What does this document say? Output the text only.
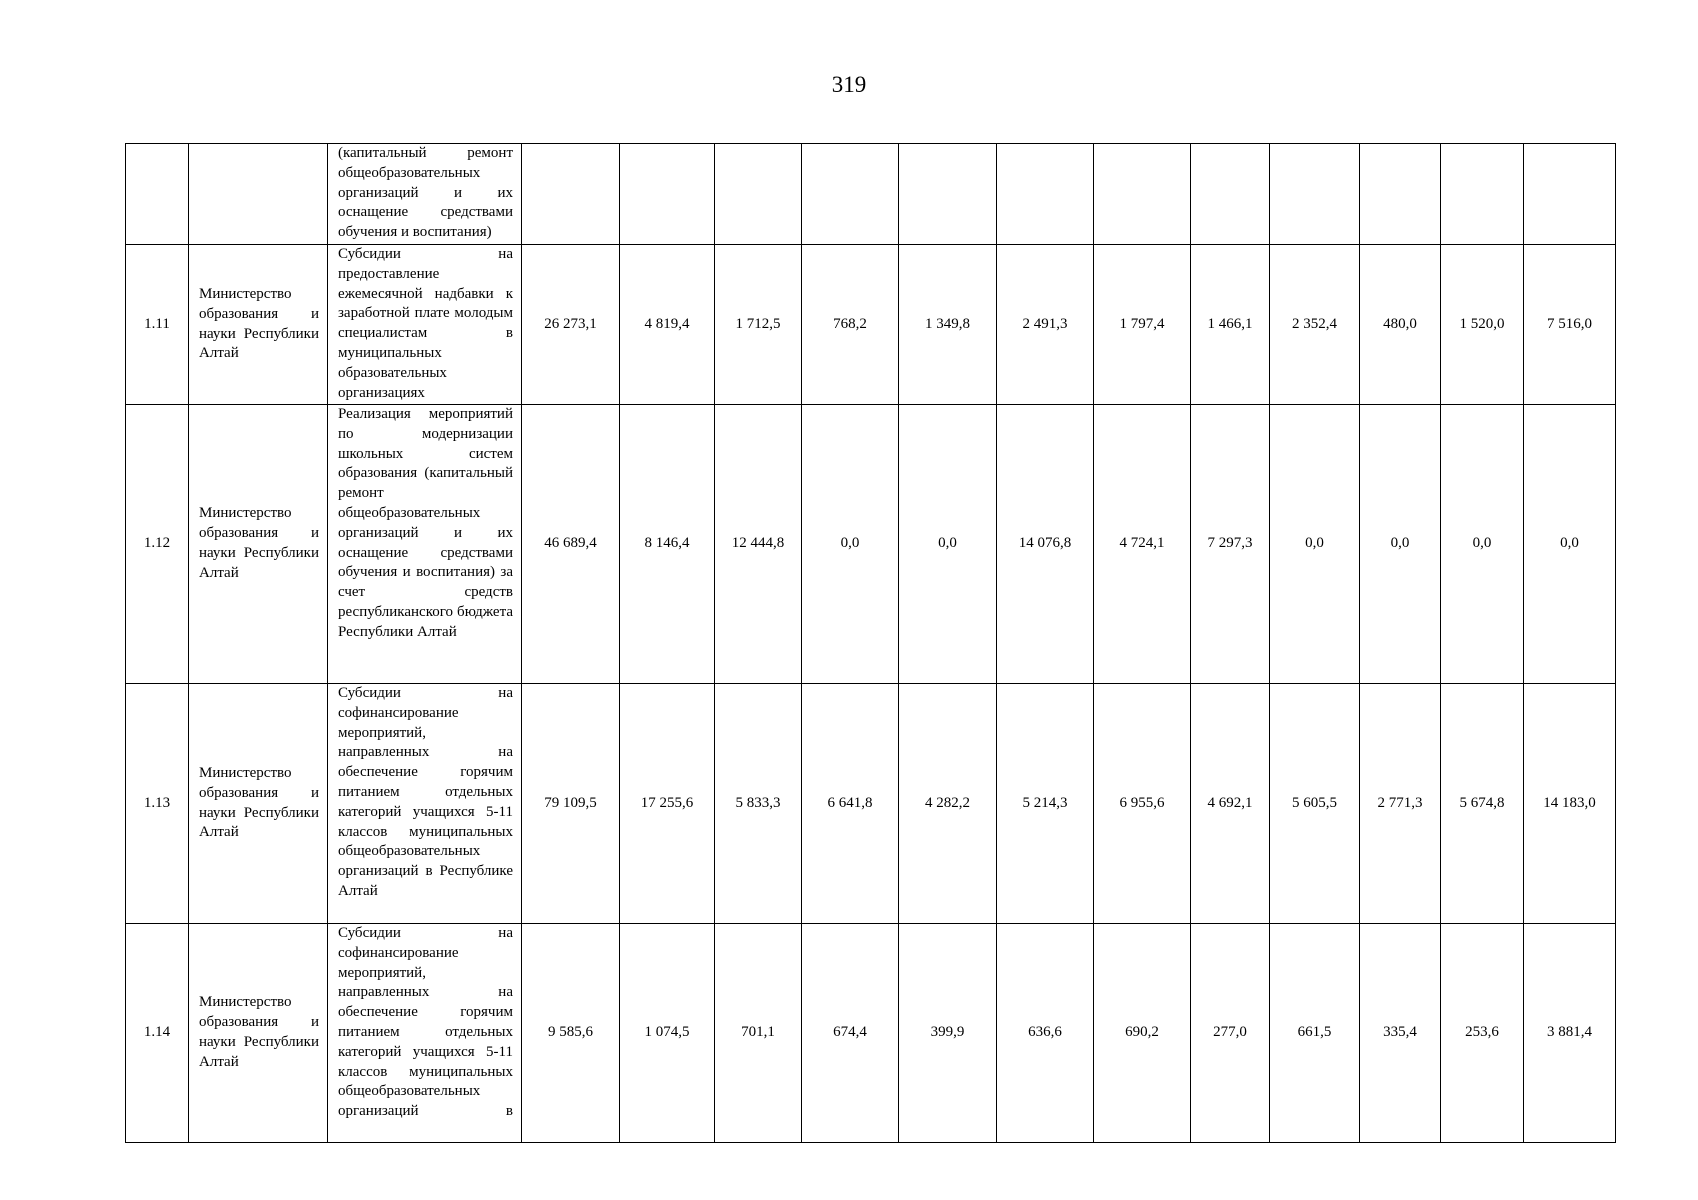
319

		(капитальный ремонт общеобразовательных организаций и их оснащение средствами обучения и воспитания)												

1.11	Министерство образования и науки Республики Алтай	Субсидии на предоставление ежемесячной надбавки к заработной плате молодым специалистам в муниципальных образовательных организациях	26 273,1	4 819,4	1 712,5	768,2	1 349,8	2 491,3	1 797,4	1 466,1	2 352,4	480,0	1 520,0	7 516,0
1.12	Министерство образования и науки Республики Алтай	Реализация мероприятий по модернизации школьных систем образования (капитальный ремонт общеобразовательных организаций и их оснащение средствами обучения и воспитания) за счет средств республиканского бюджета Республики Алтай	46 689,4	8 146,4	12 444,8	0,0	0,0	14 076,8	4 724,1	7 297,3	0,0	0,0	0,0	0,0
1.13	Министерство образования и науки Республики Алтай	Субсидии на софинансирование мероприятий, направленных на обеспечение горячим питанием отдельных категорий учащихся 5-11 классов муниципальных общеобразовательных организаций в Республике Алтай	79 109,5	17 255,6	5 833,3	6 641,8	4 282,2	5 214,3	6 955,6	4 692,1	5 605,5	2 771,3	5 674,8	14 183,0
1.14	Министерство образования и науки Республики Алтай	Субсидии на софинансирование мероприятий, направленных на обеспечение горячим питанием отдельных категорий учащихся 5-11 классов муниципальных общеобразовательных организаций в	9 585,6	1 074,5	701,1	674,4	399,9	636,6	690,2	277,0	661,5	335,4	253,6	3 881,4
